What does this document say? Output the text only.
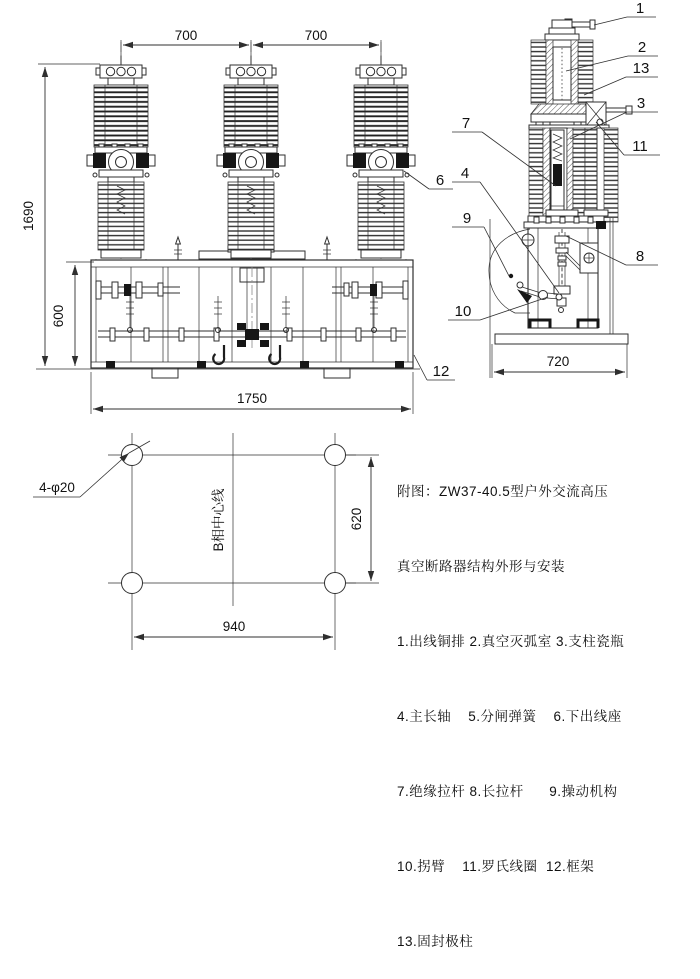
4-φ20
B相中心线	620
940
700	700
1690
600
1750
720
1
2
13
3
11
8
7
4
9
10
6
12

附图：ZW37-40.5型户外交流高压

真空断路器结构外形与安装

1.出线铜排 2.真空灭弧室 3.支柱瓷瓶

4.主长轴    5.分闸弹簧    6.下出线座

7.绝缘拉杆 8.长拉杆      9.操动机构

10.拐臂    11.罗氏线圈  12.框架

13.固封极柱
